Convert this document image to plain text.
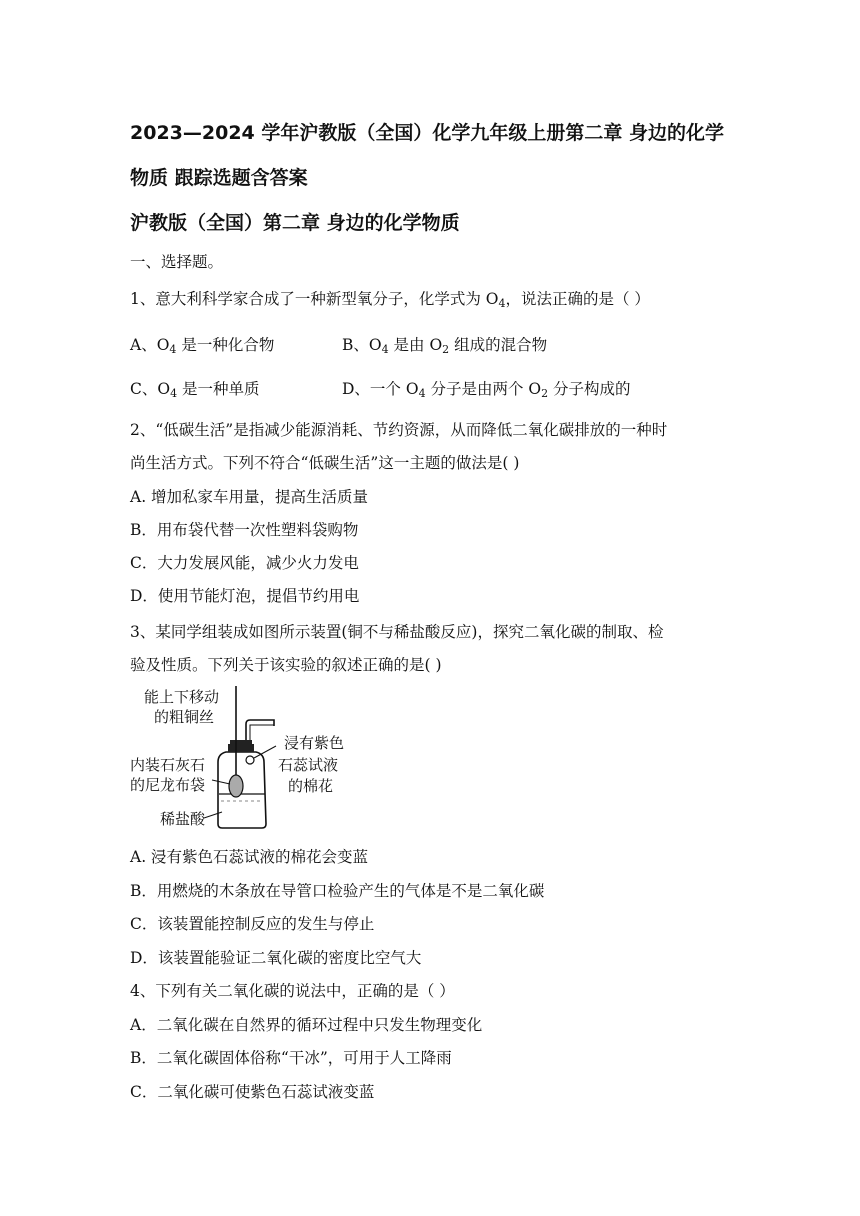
2023—2024 学年沪教版（全国）化学九年级上册第二章 身边的化学
物质 跟踪选题含答案
沪教版（全国）第二章 身边的化学物质
一、选择题。
1、意大利科学家合成了一种新型氧分子，化学式为 $O_4$，说法正确的是（ ）
A、$O_4$ 是一种化合物	B、$O_4$ 是由 $O_2$ 组成的混合物
C、$O_4$ 是一种单质	D、一个 $O_4$ 分子是由两个 $O_2$ 分子构成的
2、“低碳生活”是指减少能源消耗、节约资源，从而降低二氧化碳排放的一种时
尚生活方式。下列不符合“低碳生活”这一主题的做法是( )
A. 增加私家车用量，提高生活质量
B．用布袋代替一次性塑料袋购物
C．大力发展风能，减少火力发电
D．使用节能灯泡，提倡节约用电
3、某同学组装成如图所示装置(铜不与稀盐酸反应)，探究二氧化碳的制取、检
验及性质。下列关于该实验的叙述正确的是( )
能上下移动
的粗铜丝
内装石灰石
的尼龙布袋
浸有紫色
石蕊试液
的棉花
稀盐酸
A. 浸有紫色石蕊试液的棉花会变蓝
B．用燃烧的木条放在导管口检验产生的气体是不是二氧化碳
C．该装置能控制反应的发生与停止
D．该装置能验证二氧化碳的密度比空气大
4、下列有关二氧化碳的说法中，正确的是（ ）
A．二氧化碳在自然界的循环过程中只发生物理变化
B．二氧化碳固体俗称“干冰”，可用于人工降雨
C．二氧化碳可使紫色石蕊试液变蓝
